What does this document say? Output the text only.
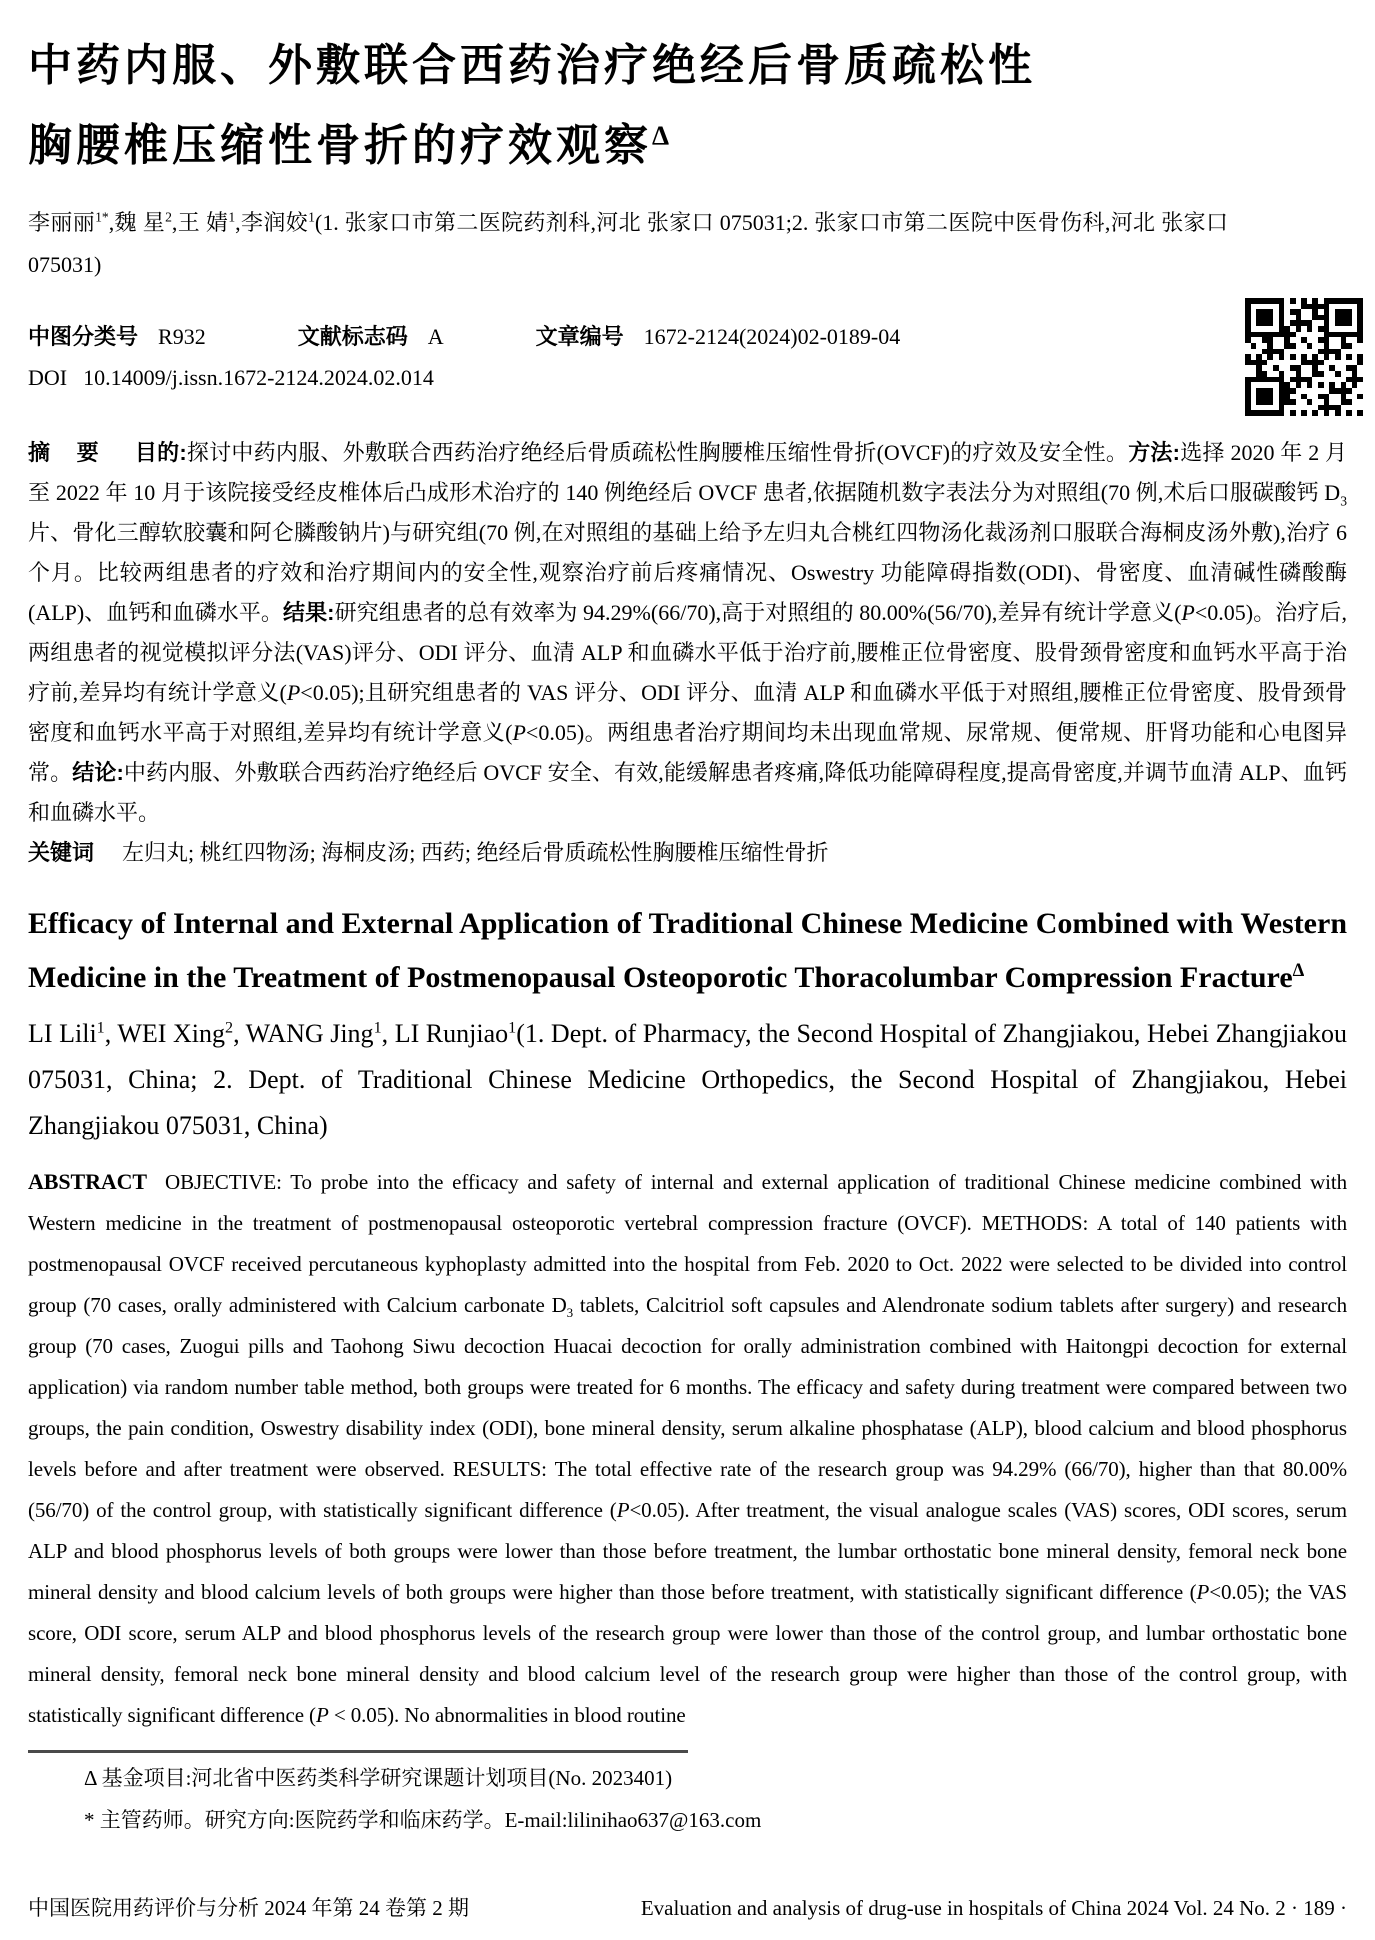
中药内服、外敷联合西药治疗绝经后骨质疏松性
胸腰椎压缩性骨折的疗效观察$^\Delta$

李丽丽$^{1*}$,魏 星$^2$,王 婧$^1$,李润姣$^1$(1. 张家口市第二医院药剂科,河北 张家口 075031;2. 张家口市第二医院中医骨伤科,河北 张家口 075031)

中图分类号 R932	文献标志码 A	文章编号 1672-2124(2024)02-0189-04
DOI 10.14009/j.issn.1672-2124.2024.02.014

摘 要 目的:探讨中药内服、外敷联合西药治疗绝经后骨质疏松性胸腰椎压缩性骨折(OVCF)的疗效及安全性。方法:选择 2020 年 2 月至 2022 年 10 月于该院接受经皮椎体后凸成形术治疗的 140 例绝经后 OVCF 患者,依据随机数字表法分为对照组(70 例,术后口服碳酸钙 $D_3$ 片、骨化三醇软胶囊和阿仑膦酸钠片)与研究组(70 例,在对照组的基础上给予左归丸合桃红四物汤化裁汤剂口服联合海桐皮汤外敷),治疗 6 个月。比较两组患者的疗效和治疗期间内的安全性,观察治疗前后疼痛情况、Oswestry 功能障碍指数(ODI)、骨密度、血清碱性磷酸酶(ALP)、血钙和血磷水平。结果:研究组患者的总有效率为 94.29%(66/70),高于对照组的 80.00%(56/70),差异有统计学意义(P<0.05)。治疗后,两组患者的视觉模拟评分法(VAS)评分、ODI 评分、血清 ALP 和血磷水平低于治疗前,腰椎正位骨密度、股骨颈骨密度和血钙水平高于治疗前,差异均有统计学意义(P<0.05);且研究组患者的 VAS 评分、ODI 评分、血清 ALP 和血磷水平低于对照组,腰椎正位骨密度、股骨颈骨密度和血钙水平高于对照组,差异均有统计学意义(P<0.05)。两组患者治疗期间均未出现血常规、尿常规、便常规、肝肾功能和心电图异常。结论:中药内服、外敷联合西药治疗绝经后 OVCF 安全、有效,能缓解患者疼痛,降低功能障碍程度,提高骨密度,并调节血清 ALP、血钙和血磷水平。

关键词 左归丸; 桃红四物汤; 海桐皮汤; 西药; 绝经后骨质疏松性胸腰椎压缩性骨折

Efficacy of Internal and External Application of Traditional Chinese Medicine Combined with Western Medicine in the Treatment of Postmenopausal Osteoporotic Thoracolumbar Compression Fracture$^\Delta$

LI Lili$^1$, WEI Xing$^2$, WANG Jing$^1$, LI Runjiao$^1$(1. Dept. of Pharmacy, the Second Hospital of Zhangjiakou, Hebei Zhangjiakou 075031, China; 2. Dept. of Traditional Chinese Medicine Orthopedics, the Second Hospital of Zhangjiakou, Hebei Zhangjiakou 075031, China)

ABSTRACT OBJECTIVE: To probe into the efficacy and safety of internal and external application of traditional Chinese medicine combined with Western medicine in the treatment of postmenopausal osteoporotic vertebral compression fracture (OVCF). METHODS: A total of 140 patients with postmenopausal OVCF received percutaneous kyphoplasty admitted into the hospital from Feb. 2020 to Oct. 2022 were selected to be divided into control group (70 cases, orally administered with Calcium carbonate $D_3$ tablets, Calcitriol soft capsules and Alendronate sodium tablets after surgery) and research group (70 cases, Zuogui pills and Taohong Siwu decoction Huacai decoction for orally administration combined with Haitongpi decoction for external application) via random number table method, both groups were treated for 6 months. The efficacy and safety during treatment were compared between two groups, the pain condition, Oswestry disability index (ODI), bone mineral density, serum alkaline phosphatase (ALP), blood calcium and blood phosphorus levels before and after treatment were observed. RESULTS: The total effective rate of the research group was 94.29% (66/70), higher than that 80.00% (56/70) of the control group, with statistically significant difference (P<0.05). After treatment, the visual analogue scales (VAS) scores, ODI scores, serum ALP and blood phosphorus levels of both groups were lower than those before treatment, the lumbar orthostatic bone mineral density, femoral neck bone mineral density and blood calcium levels of both groups were higher than those before treatment, with statistically significant difference (P<0.05); the VAS score, ODI score, serum ALP and blood phosphorus levels of the research group were lower than those of the control group, and lumbar orthostatic bone mineral density, femoral neck bone mineral density and blood calcium level of the research group were higher than those of the control group, with statistically significant difference (P < 0.05). No abnormalities in blood routine

Δ 基金项目:河北省中医药类科学研究课题计划项目(No. 2023401)

* 主管药师。研究方向:医院药学和临床药学。E-mail:lilinihao637@163.com

中国医院用药评价与分析 2024 年第 24 卷第 2 期	Evaluation and analysis of drug-use in hospitals of China 2024 Vol. 24 No. 2 · 189 ·
